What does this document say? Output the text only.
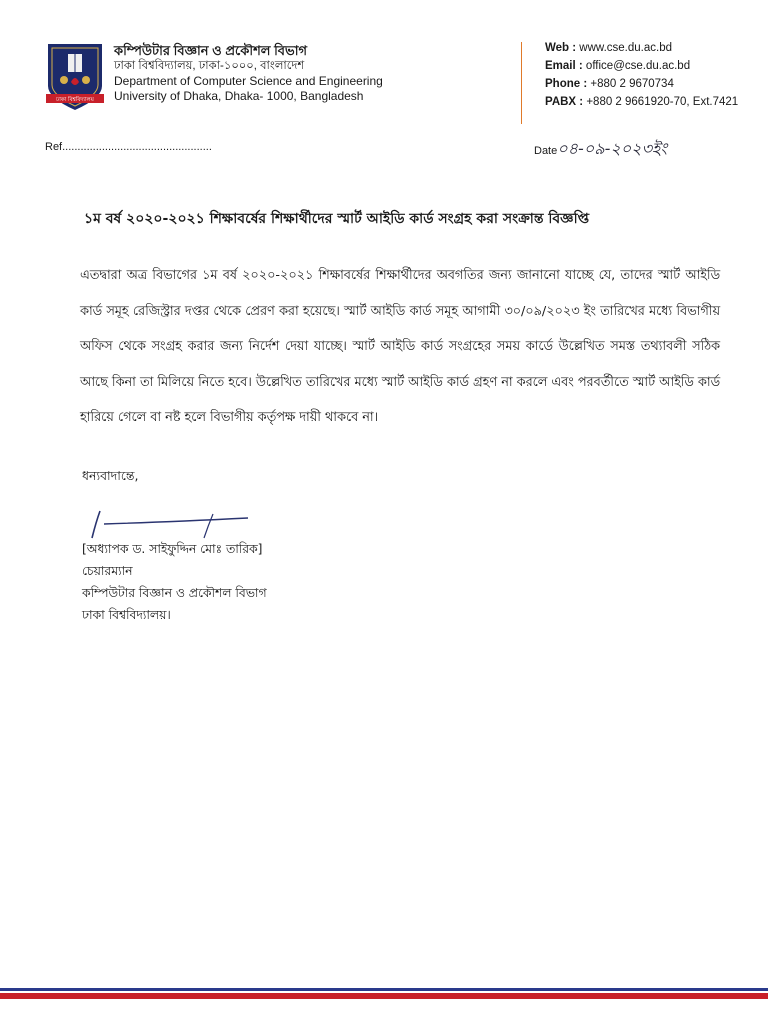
ঢাকা বিশ্ববিদ্যালয়
কম্পিউটার বিজ্ঞান ও প্রকৌশল বিভাগ
ঢাকা বিশ্ববিদ্যালয়, ঢাকা-১০০০, বাংলাদেশ
Department of Computer Science and Engineering
University of Dhaka, Dhaka- 1000, Bangladesh
Web : www.cse.du.ac.bd
Email : office@cse.du.ac.bd
Phone : +880 2 9670734
PABX : +880 2 9661920-70, Ext.7421
Ref.................................................	Date০৪-০৯-২০২৩ইং
১ম বর্ষ ২০২০-২০২১ শিক্ষাবর্ষের শিক্ষার্থীদের স্মার্ট আইডি কার্ড সংগ্রহ করা সংক্রান্ত বিজ্ঞপ্তি
এতদ্বারা অত্র বিভাগের ১ম বর্ষ ২০২০-২০২১ শিক্ষাবর্ষের শিক্ষার্থীদের অবগতির জন্য জানানো যাচ্ছে যে, তাদের স্মার্ট আইডি কার্ড সমূহ রেজিস্ট্রার দপ্তর থেকে প্রেরণ করা হয়েছে। স্মার্ট আইডি কার্ড সমূহ আগামী ৩০/০৯/২০২৩ ইং তারিখের মধ্যে বিভাগীয় অফিস থেকে সংগ্রহ করার জন্য নির্দেশ দেয়া যাচ্ছে। স্মার্ট আইডি কার্ড সংগ্রহের সময় কার্ডে উল্লেখিত সমস্ত তথ্যাবলী সঠিক আছে কিনা তা মিলিয়ে নিতে হবে। উল্লেখিত তারিখের মধ্যে স্মার্ট আইডি কার্ড গ্রহণ না করলে এবং পরবর্তীতে স্মার্ট আইডি কার্ড হারিয়ে গেলে বা নষ্ট হলে বিভাগীয় কর্তৃপক্ষ দায়ী থাকবে না।
ধন্যবাদান্তে,
[অধ্যাপক ড. সাইফুদ্দিন মোঃ তারিক]
চেয়ারম্যান
কম্পিউটার বিজ্ঞান ও প্রকৌশল বিভাগ
ঢাকা বিশ্ববিদ্যালয়।
